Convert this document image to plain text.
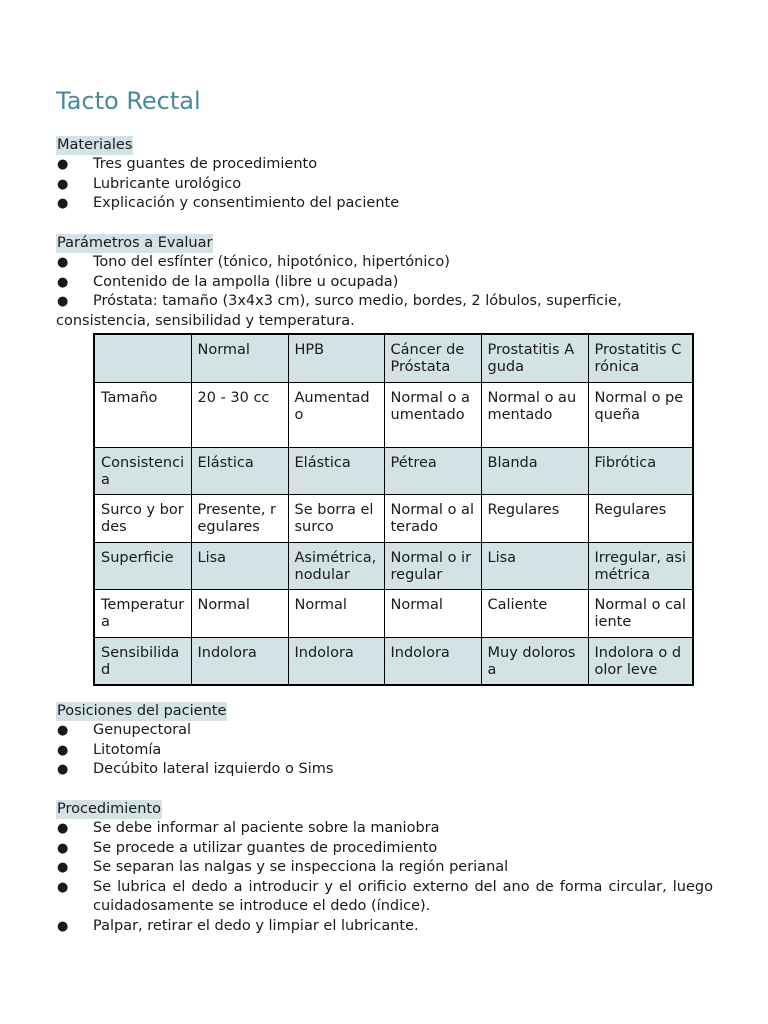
Tacto Rectal
Materiales
● Tres guantes de procedimiento
● Lubricante urológico
● Explicación y consentimiento del paciente
Parámetros a Evaluar
● Tono del esfínter (tónico, hipotónico, hipertónico)
● Contenido de la ampolla (libre u ocupada)
● Próstata: tamaño (3x4x3 cm), surco medio, bordes, 2 lóbulos, superficie, consistencia, sensibilidad y temperatura.
	Normal	HPB	Cáncer de Próstata	Prostatitis Aguda	Prostatitis Crónica
Tamaño	20 - 30 cc	Aumentado	Normal o aumentado	Normal o aumentado	Normal o pequeña
Consistencia	Elástica	Elástica	Pétrea	Blanda	Fibrótica
Surco y bordes	Presente, regulares	Se borra el surco	Normal o alterado	Regulares	Regulares
Superficie	Lisa	Asimétrica, nodular	Normal o irregular	Lisa	Irregular, asimétrica
Temperatura	Normal	Normal	Normal	Caliente	Normal o caliente
Sensibilidad	Indolora	Indolora	Indolora	Muy dolorosa	Indolora o dolor leve
Posiciones del paciente
● Genupectoral
● Litotomía
● Decúbito lateral izquierdo o Sims
Procedimiento
● Se debe informar al paciente sobre la maniobra
● Se procede a utilizar guantes de procedimiento
● Se separan las nalgas y se inspecciona la región perianal
● Se lubrica el dedo a introducir y el orificio externo del ano de forma circular, luego cuidadosamente se introduce el dedo (índice).
● Palpar, retirar el dedo y limpiar el lubricante.
